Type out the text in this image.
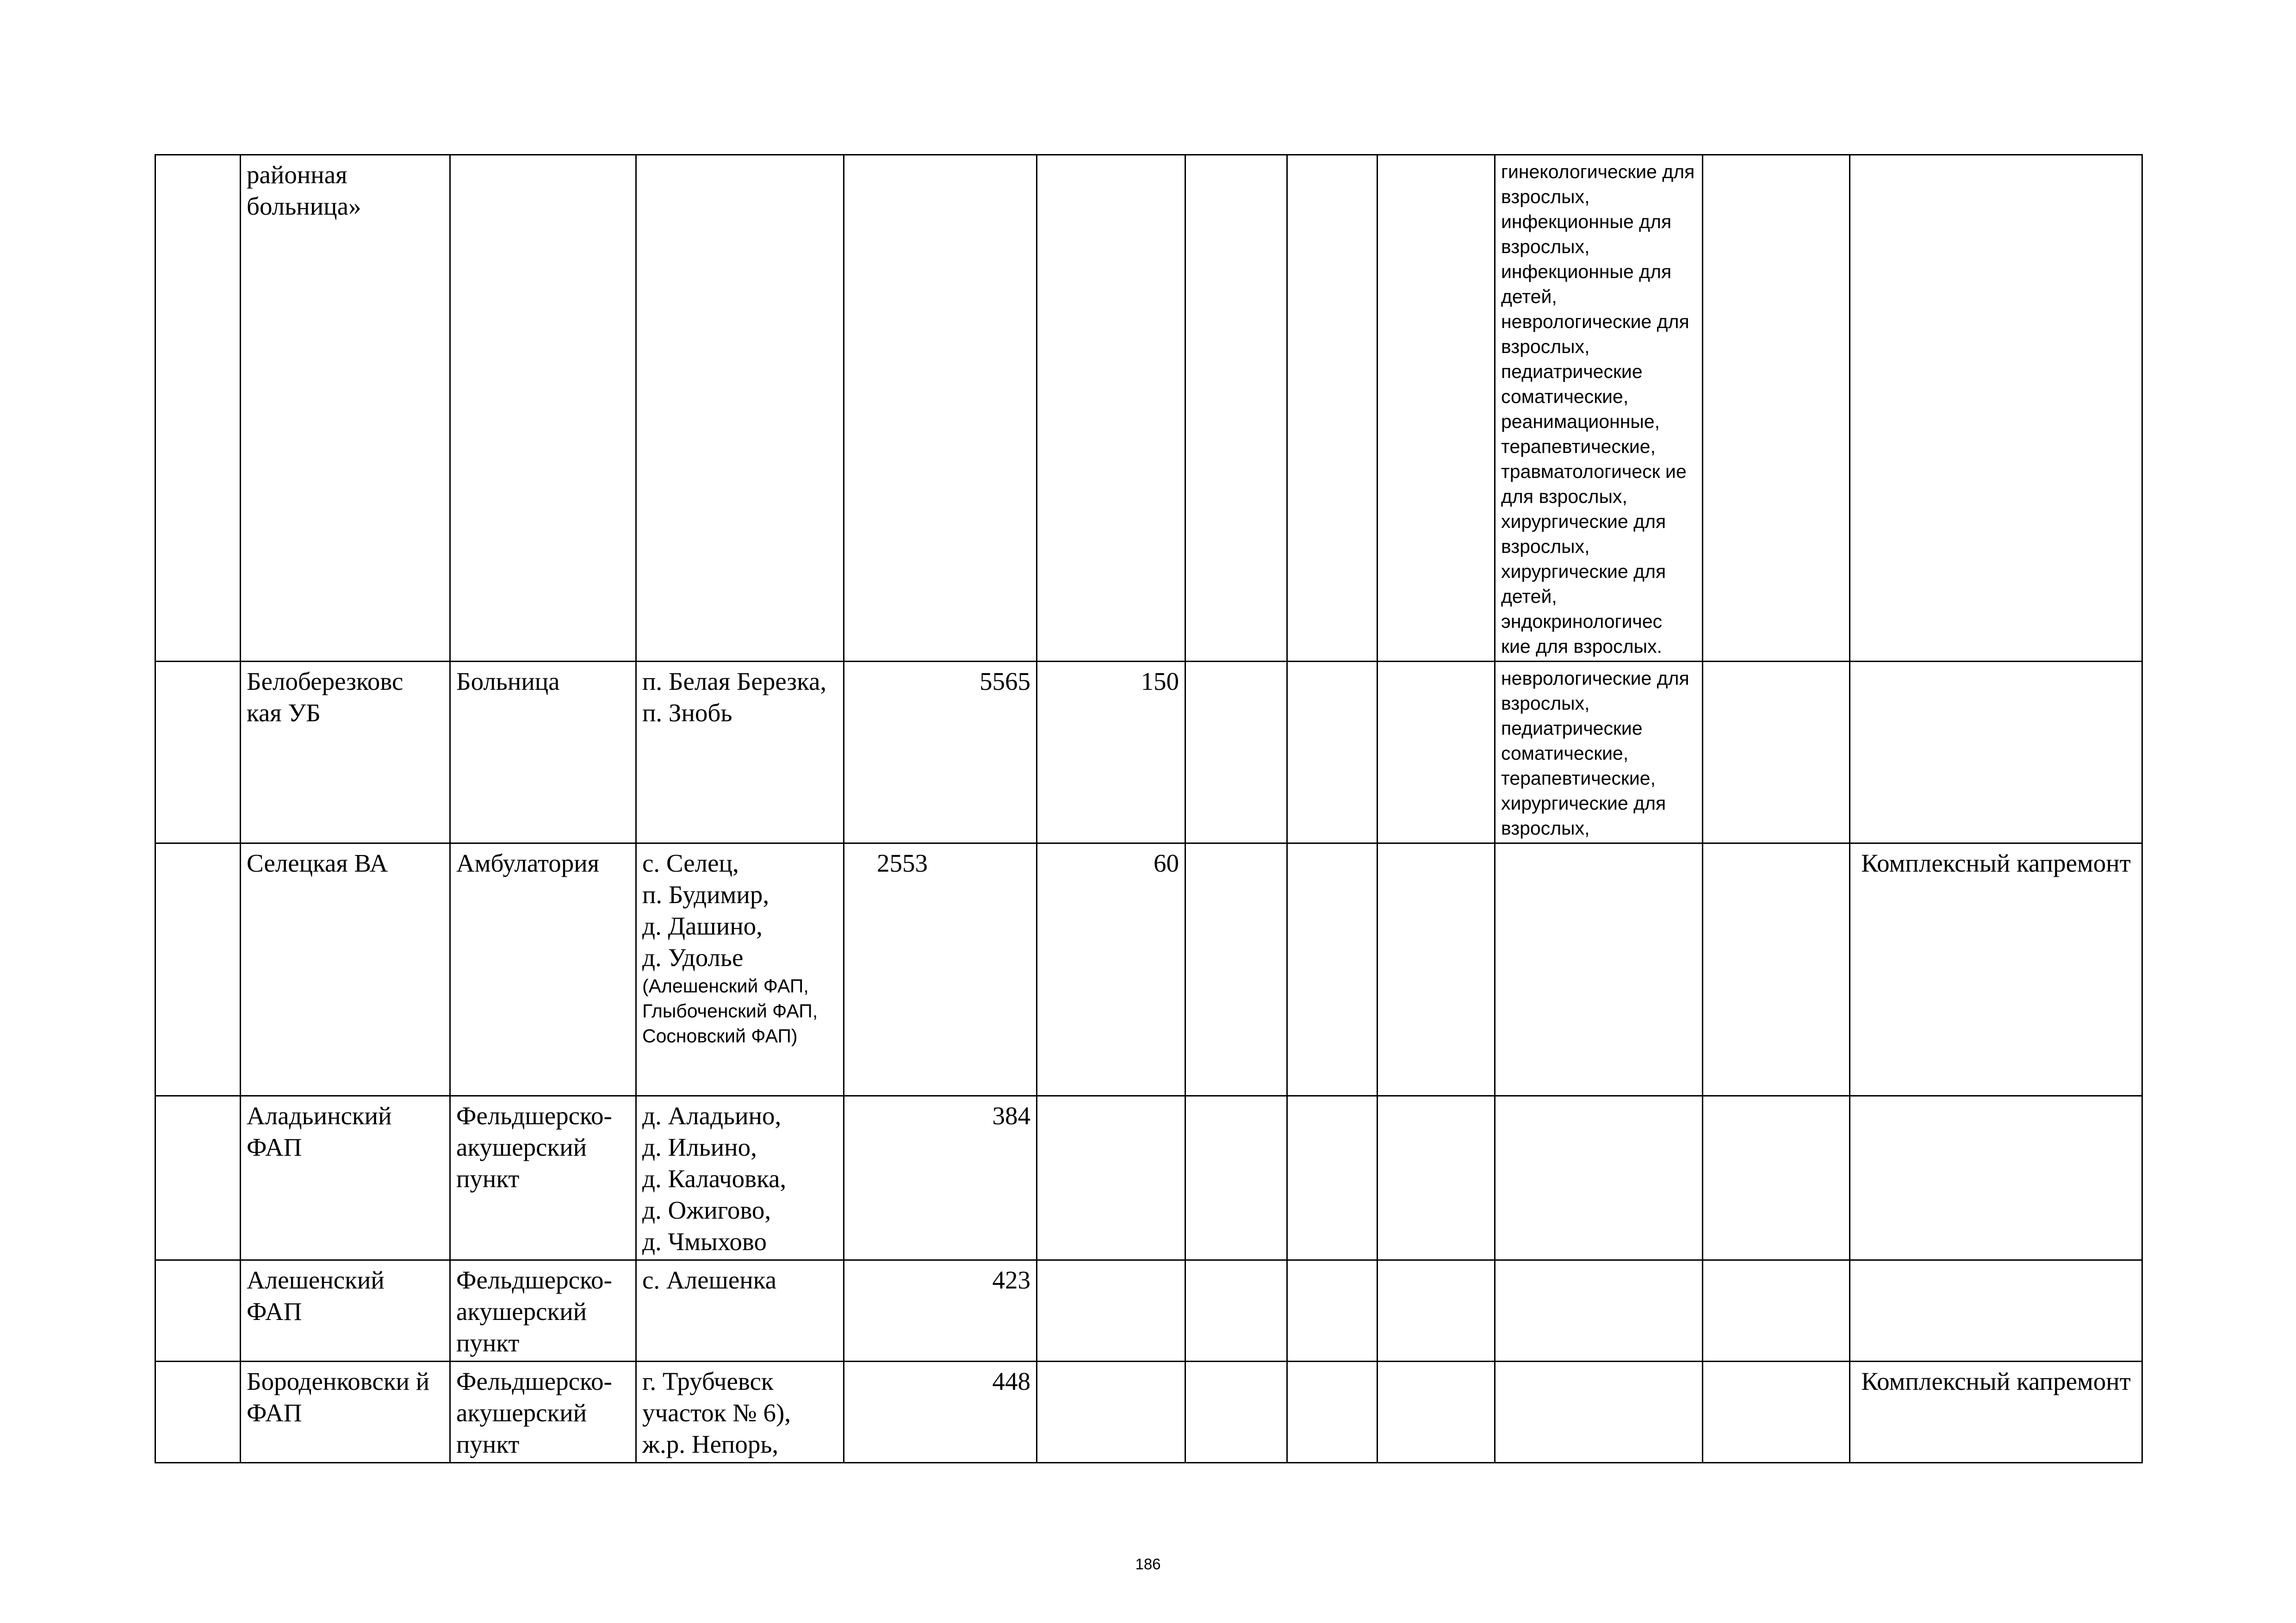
	районная больница»								гинекологические для взрослых, инфекционные для взрослых, инфекционные для детей, неврологические для взрослых, педиатрические соматические, реанимационные, терапевтические, травматологическ ие для взрослых, хирургические для взрослых, хирургические для детей, эндокринологичес кие для взрослых.		

	Белоберезковс кая УБ	Больница	п. Белая Березка,
п. Знобь	5565	150				неврологические для взрослых, педиатрические соматические, терапевтические, хирургические для взрослых,		

	Селецкая ВА	Амбулатория	с. Селец,
п. Будимир,
д. Дашино,
д. Удолье
(Алешенский ФАП, Глыбоченский ФАП, Сосновский ФАП)	2553	60						Комплексный капремонт
	Аладьинский ФАП	Фельдшерско-акушерский пункт	д. Аладьино,
д. Ильино,
д. Калачовка,
д. Ожигово,
д. Чмыхово	384							
	Алешенский ФАП	Фельдшерско-акушерский пункт	с. Алешенка	423							
	Бороденковски й ФАП	Фельдшерско-акушерский пункт	г. Трубчевск участок № 6),
ж.р. Непорь,	448							Комплексный капремонт
186
